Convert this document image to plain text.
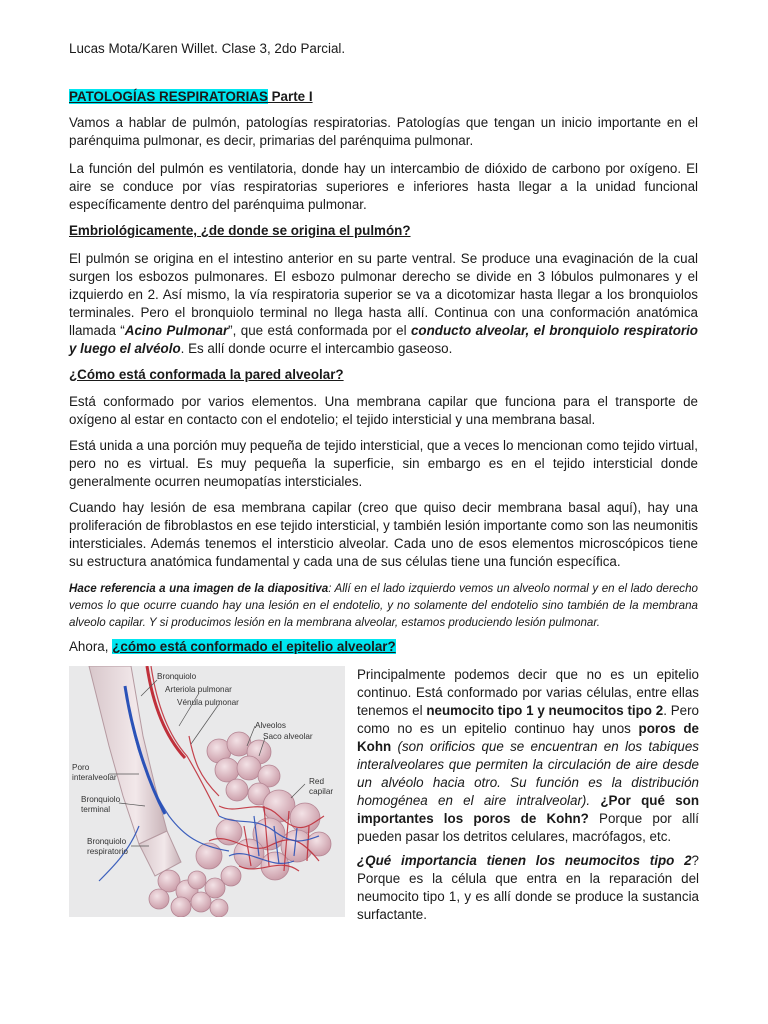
Lucas Mota/Karen Willet. Clase 3, 2do Parcial.

PATOLOGÍAS RESPIRATORIAS Parte I

Vamos a hablar de pulmón, patologías respiratorias. Patologías que tengan un inicio importante en el parénquima pulmonar, es decir, primarias del parénquima pulmonar.

La función del pulmón es ventilatoria, donde hay un intercambio de dióxido de carbono por oxígeno. El aire se conduce por vías respiratorias superiores e inferiores hasta llegar a la unidad funcional específicamente dentro del parénquima pulmonar.

Embriológicamente, ¿de donde se origina el pulmón?

El pulmón se origina en el intestino anterior en su parte ventral. Se produce una evaginación de la cual surgen los esbozos pulmonares. El esbozo pulmonar derecho se divide en 3 lóbulos pulmonares y el izquierdo en 2. Así mismo, la vía respiratoria superior se va a dicotomizar hasta llegar a los bronquiolos terminales. Pero el bronquiolo terminal no llega hasta allí. Continua con una conformación anatómica llamada “Acino Pulmonar”, que está conformada por el conducto alveolar, el bronquiolo respiratorio y luego el alvéolo. Es allí donde ocurre el intercambio gaseoso.

¿Cómo está conformada la pared alveolar?

Está conformado por varios elementos. Una membrana capilar que funciona para el transporte de oxígeno al estar en contacto con el endotelio; el tejido intersticial y una membrana basal.

Está unida a una porción muy pequeña de tejido intersticial, que a veces lo mencionan como tejido virtual, pero no es virtual. Es muy pequeña la superficie, sin embargo es en el tejido intersticial donde generalmente ocurren neumopatías intersticiales.

Cuando hay lesión de esa membrana capilar (creo que quiso decir membrana basal aquí), hay una proliferación de fibroblastos en ese tejido intersticial, y también lesión importante como son las neumonitis intersticiales. Además tenemos el intersticio alveolar. Cada uno de esos elementos microscópicos tiene su estructura anatómica fundamental y cada una de sus células tiene una función específica.

Hace referencia a una imagen de la diapositiva: Allí en el lado izquierdo vemos un alveolo normal y en el lado derecho vemos lo que ocurre cuando hay una lesión en el endotelio, y no solamente del endotelio sino también de la membrana alveolo capilar. Y si producimos lesión en la membrana alveolar, estamos produciendo lesión pulmonar.

Ahora, ¿cómo está conformado el epitelio alveolar?

Bronquiolo
Arteriola pulmonar
Vénula pulmonar
Alveolos
Saco alveolar
Poro
interalveolar
Bronquiolo
terminal
Red
capilar
Bronquiolo
respiratorio

Principalmente podemos decir que no es un epitelio continuo. Está conformado por varias células, entre ellas tenemos el neumocito tipo 1 y neumocitos tipo 2. Pero como no es un epitelio continuo hay unos poros de Kohn (son orificios que se encuentran en los tabiques interalveolares que permiten la circulación de aire desde un alvéolo hacia otro. Su función es la distribución homogénea en el aire intralveolar). ¿Por qué son importantes los poros de Kohn? Porque por allí pueden pasar los detritos celulares, macrófagos, etc.

¿Qué importancia tienen los neumocitos tipo 2? Porque es la célula que entra en la reparación del neumocito tipo 1, y es allí donde se produce la sustancia surfactante.
